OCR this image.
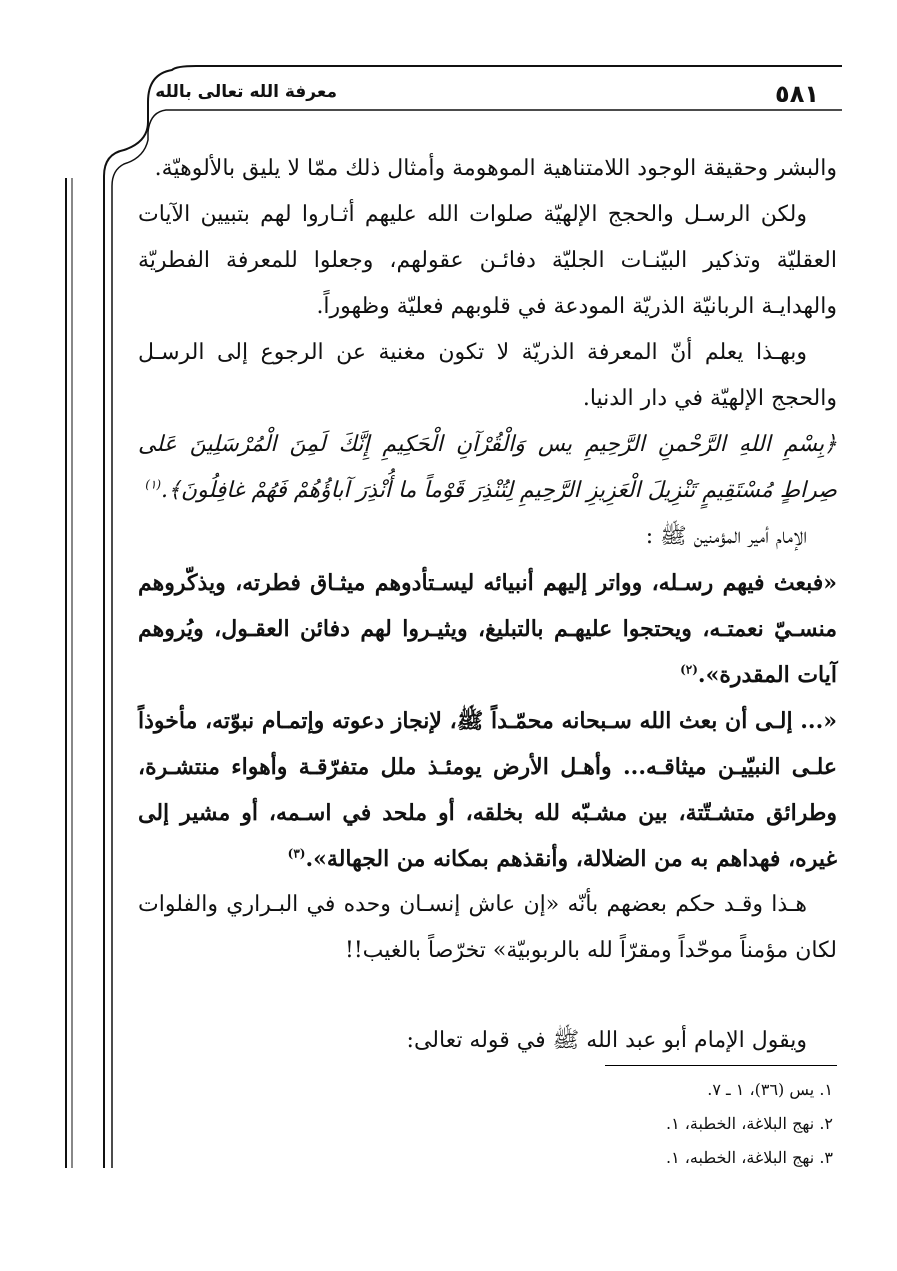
٥٨١
معرفة الله تعالى بالله

والبشر وحقيقة الوجود اللامتناهية الموهومة وأمثال ذلك ممّا لا يليق بالألوهيّة.

ولكن الرسـل والحجج الإلهيّة صلوات الله عليهم أثـاروا لهم بتبيين الآيات العقليّة وتذكير البيّنـات الجليّة دفائـن عقولهم، وجعلوا للمعرفة الفطريّة والهدايـة الربانيّة الذريّة المودعة في قلوبهم فعليّة وظهوراً.

وبهـذا يعلم أنّ المعرفة الذريّة لا تكون مغنية عن الرجوع إلى الرسـل والحجج الإلهيّة في دار الدنيا.

﴿بِسْمِ اللهِ الرَّحْمنِ الرَّحِيمِ يس وَالْقُرْآنِ الْحَكِيمِ إِنَّكَ لَمِنَ الْمُرْسَلِينَ عَلى صِراطٍ مُسْتَقِيمٍ تَنْزِيلَ الْعَزِيزِ الرَّحِيمِ لِتُنْذِرَ قَوْماً ما أُنْذِرَ آباؤُهُمْ فَهُمْ غافِلُونَ﴾.$^{(١)}$

الإمام أمير المؤمنين ﷺ :

«فبعث فيهم رسـله، وواتر إليهم أنبيائه ليسـتأدوهم ميثـاق فطرته، ويذكّروهم منسـيّ نعمتـه، ويحتجوا عليهـم بالتبليغ، ويثيـروا لهم دفائن العقـول، ويُروهم آيات المقدرة».$^{(٢)}$

«... إلـى أن بعث الله سـبحانه محمّـداً ﷺ، لإنجاز دعوته وإتمـام نبوّته، مأخوذاً علـى النبيّيـن ميثاقـه... وأهـل الأرض يومئـذ ملل متفرّقـة وأهواء منتشـرة، وطرائق متشـتّتة، بين مشـبّه لله بخلقه، أو ملحد في اسـمه، أو مشير إلى غيره، فهداهم به من الضلالة، وأنقذهم بمكانه من الجهالة».$^{(٣)}$

هـذا وقـد حكم بعضهم بأنّه «إن عاش إنسـان وحده في البـراري والفلوات لكان مؤمناً موحّداً ومقرّاً لله بالربوبيّة» تخرّصاً بالغيب!!

ويقول الإمام أبو عبد الله ﷺ في قوله تعالى:

١. يس (٣٦)، ١ ـ ٧.
٢. نهج البلاغة، الخطبة، ١.
٣. نهج البلاغة، الخطبه، ١.
